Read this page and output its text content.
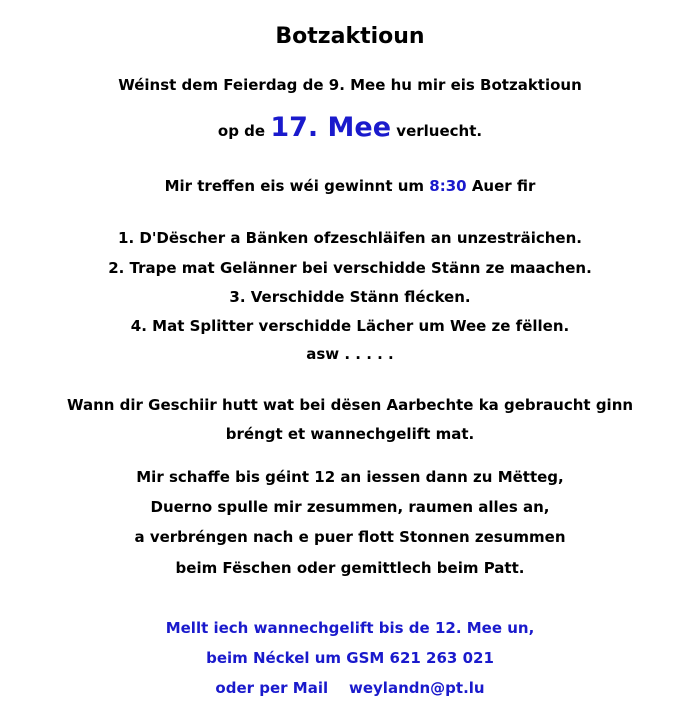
Botzaktioun
Wéinst dem Feierdag de 9. Mee hu mir eis Botzaktioun
op de 17. Mee verluecht.
Mir treffen eis wéi gewinnt um 8:30 Auer fir
1. D'Dëscher a Bänken ofzeschläifen an unzesträichen.
2. Trape mat Gelänner bei verschidde Stänn ze maachen.
3. Verschidde Stänn flécken.
4. Mat Splitter verschidde Lächer um Wee ze fëllen.
asw . . . . .
Wann dir Geschiir hutt wat bei dësen Aarbechte ka gebraucht ginn
bréngt et wannechgelift mat.
Mir schaffe bis géint 12 an iessen dann zu Mëtteg,
Duerno spulle mir zesummen, raumen alles an,
a verbréngen nach e puer flott Stonnen zesummen
beim Fëschen oder gemittlech beim Patt.
Mellt iech wannechgelift bis de 12. Mee un,
beim Néckel um GSM 621 263 021
oder per Mail    weylandn@pt.lu
